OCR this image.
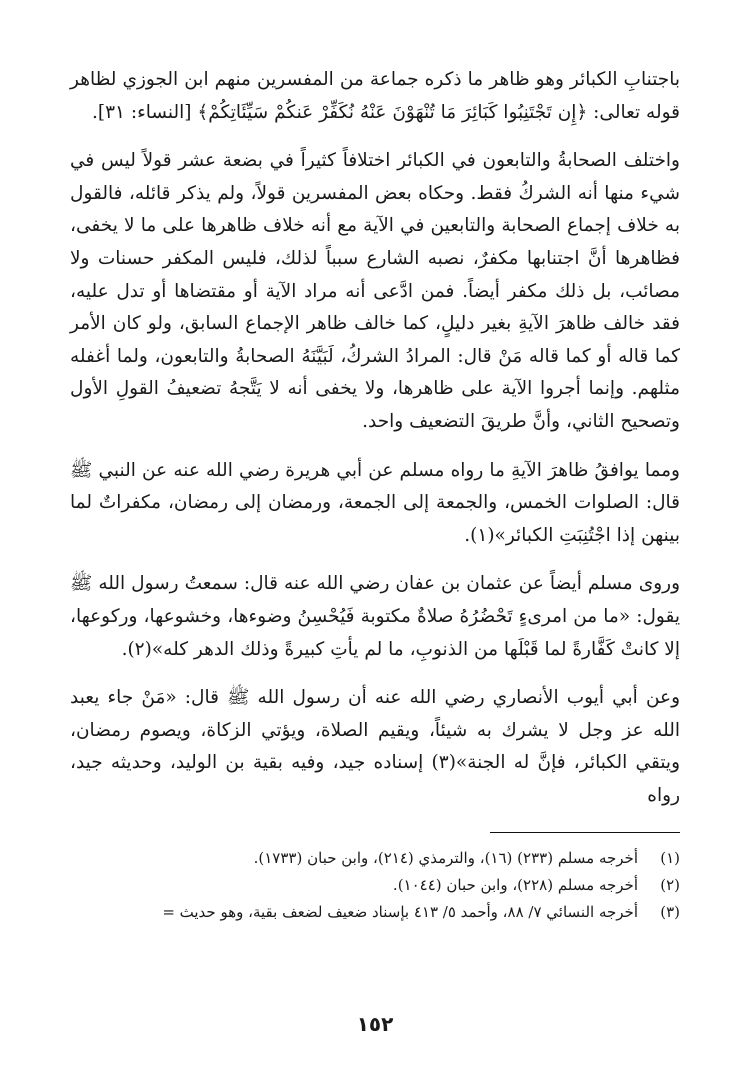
باجتنابِ الكبائر وهو ظاهر ما ذكره جماعة من المفسرين منهم ابن الجوزي لظاهر قوله تعالى: ﴿إِن تَجْتَنِبُوا كَبَائِرَ مَا تُنْهَوْنَ عَنْهُ نُكَفِّرْ عَنكُمْ سَيِّئَاتِكُمْ﴾ [النساء: ٣١].

واختلف الصحابةُ والتابعون في الكبائر اختلافاً كثيراً في بضعة عشر قولاً ليس في شيء منها أنه الشركُ فقط. وحكاه بعض المفسرين قولاً، ولم يذكر قائله، فالقول به خلاف إجماع الصحابة والتابعين في الآية مع أنه خلاف ظاهرها على ما لا يخفى، فظاهرها أنَّ اجتنابها مكفرٌ، نصبه الشارع سبباً لذلك، فليس المكفر حسنات ولا مصائب، بل ذلك مكفر أيضاً. فمن ادَّعى أنه مراد الآية أو مقتضاها أو تدل عليه، فقد خالف ظاهرَ الآيةِ بغير دليلٍ، كما خالف ظاهر الإجماع السابق، ولو كان الأمر كما قاله أو كما قاله مَنْ قال: المرادُ الشركُ، لَبَيَّنَهُ الصحابةُ والتابعون، ولما أغفله مثلهم. وإنما أجروا الآية على ظاهرها، ولا يخفى أنه لا يَتَّجهُ تضعيفُ القولِ الأول وتصحيح الثاني، وأنَّ طريقَ التضعيف واحد.

ومما يوافقُ ظاهرَ الآيةِ ما رواه مسلم عن أبي هريرة رضي الله عنه عن النبي ﷺ قال: الصلوات الخمس، والجمعة إلى الجمعة، ورمضان إلى رمضان، مكفراتٌ لما بينهن إذا اجْتُنِبَتِ الكبائر»(١).

وروى مسلم أيضاً عن عثمان بن عفان رضي الله عنه قال: سمعتُ رسول الله ﷺ يقول: «ما من امرىءٍ تَحْضُرُهُ صلاةٌ مكتوبة فَيُحْسِنُ وضوءها، وخشوعها، وركوعها، إلا كانتْ كَفَّارةً لما قَبْلَها من الذنوبِ، ما لم يأتِ كبيرةً وذلك الدهر كله»(٢).

وعن أبي أيوب الأنصاري رضي الله عنه أن رسول الله ﷺ قال: «مَنْ جاء يعبد الله عز وجل لا يشرك به شيئاً، ويقيم الصلاة، ويؤتي الزكاة، ويصوم رمضان، ويتقي الكبائر، فإنَّ له الجنة»(٣) إسناده جيد، وفيه بقية بن الوليد، وحديثه جيد، رواه

(١)
أخرجه مسلم (٢٣٣) (١٦)، والترمذي (٢١٤)، وابن حبان (١٧٣٣).
(٢)
أخرجه مسلم (٢٢٨)، وابن حبان (١٠٤٤).
(٣)
أخرجه النسائي ٧/ ٨٨، وأحمد ٥/ ٤١٣ بإسناد ضعيف لضعف بقية، وهو حديث =
١٥٢
